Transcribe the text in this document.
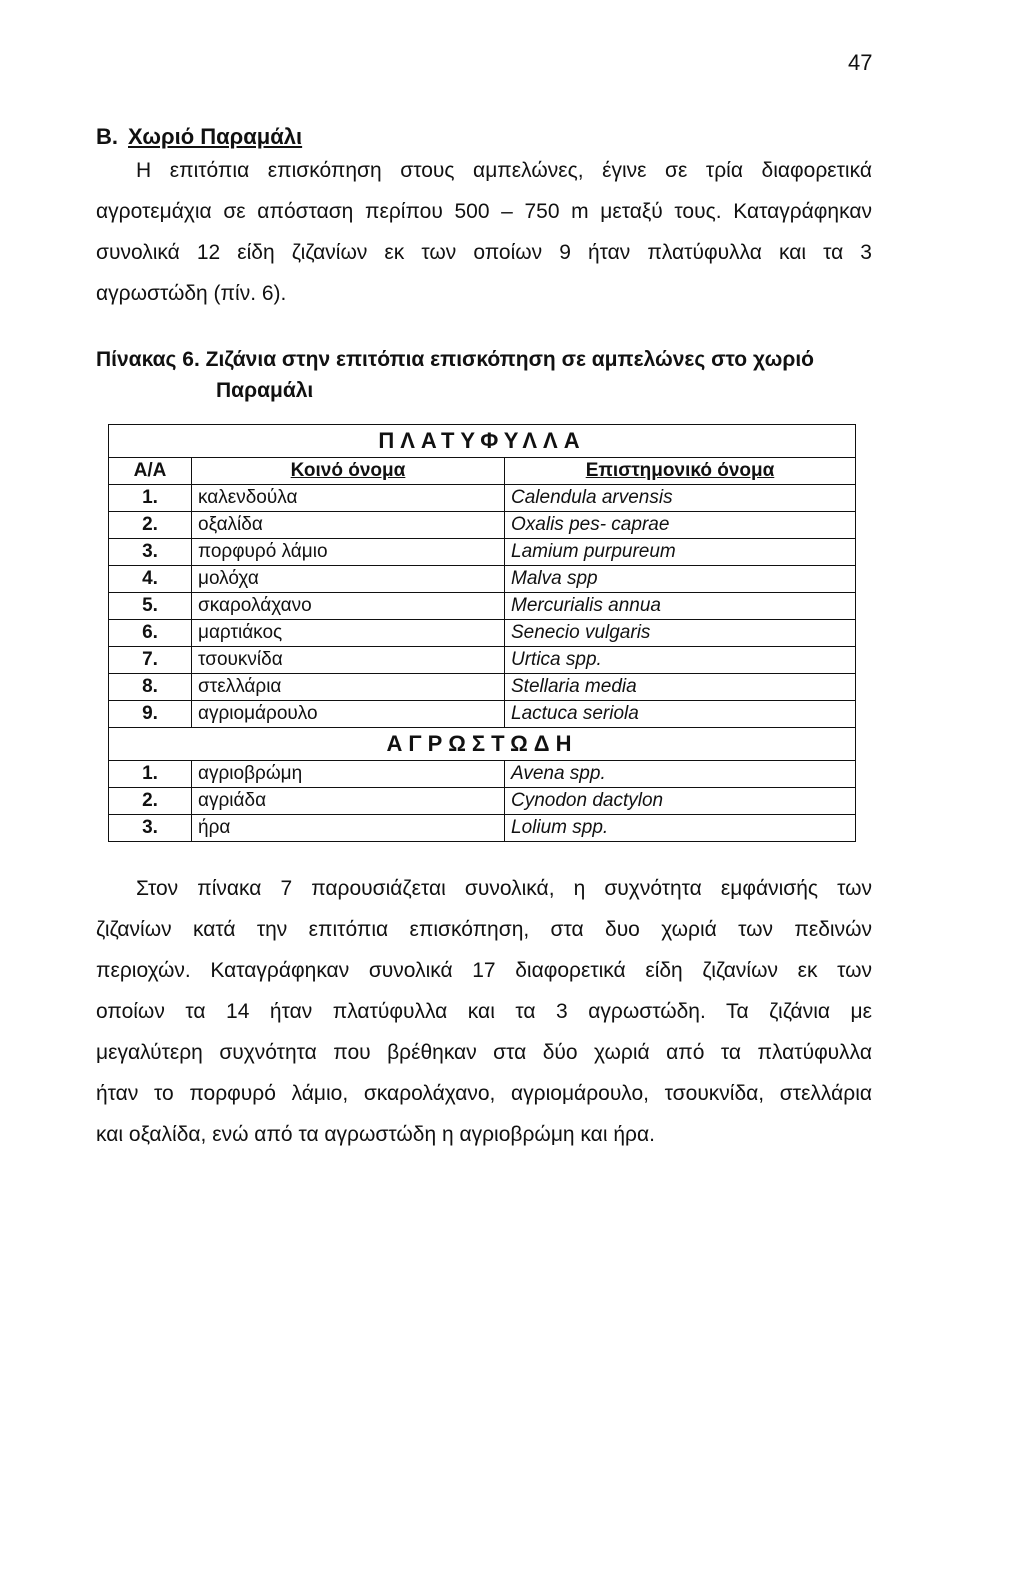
47
B. Χωριό Παραμάλι
Η επιτόπια επισκόπηση στους αμπελώνες, έγινε σε τρία διαφορετικά
αγροτεμάχια σε απόσταση περίπου 500 – 750 m μεταξύ τους. Καταγράφηκαν
συνολικά 12 είδη ζιζανίων εκ των οποίων 9 ήταν πλατύφυλλα και τα 3
αγρωστώδη (πίν. 6).
Πίνακας 6. Ζιζάνια στην επιτόπια επισκόπηση σε αμπελώνες στο χωριό
Παραμάλι
ΠΛΑΤΥΦΥΛΛΑ		
Α/Α	Κοινό όνομα	Επιστημονικό όνομα
1.	καλενδούλα	Calendula arvensis
2.	οξαλίδα	Oxalis pes- caprae
3.	πορφυρό λάμιο	Lamium purpureum
4.	μολόχα	Malva spp
5.	σκαρολάχανο	Mercurialis annua
6.	μαρτιάκος	Senecio vulgaris
7.	τσουκνίδα	Urtica spp.
8.	στελλάρια	Stellaria media
9.	αγριομάρουλο	Lactuca seriola
ΑΓΡΩΣΤΩΔΗ		
1.	αγριοβρώμη	Avena spp.
2.	αγριάδα	Cynodon dactylon
3.	ήρα	Lolium spp.
Στον πίνακα 7 παρουσιάζεται συνολικά, η συχνότητα εμφάνισής των
ζιζανίων κατά την επιτόπια επισκόπηση, στα δυο χωριά των πεδινών
περιοχών. Καταγράφηκαν συνολικά 17 διαφορετικά είδη ζιζανίων εκ των
οποίων τα 14 ήταν πλατύφυλλα και τα 3 αγρωστώδη. Τα ζιζάνια με
μεγαλύτερη συχνότητα που βρέθηκαν στα δύο χωριά από τα πλατύφυλλα
ήταν το πορφυρό λάμιο, σκαρολάχανο, αγριομάρουλο, τσουκνίδα, στελλάρια
και οξαλίδα, ενώ από τα αγρωστώδη η αγριοβρώμη και ήρα.
